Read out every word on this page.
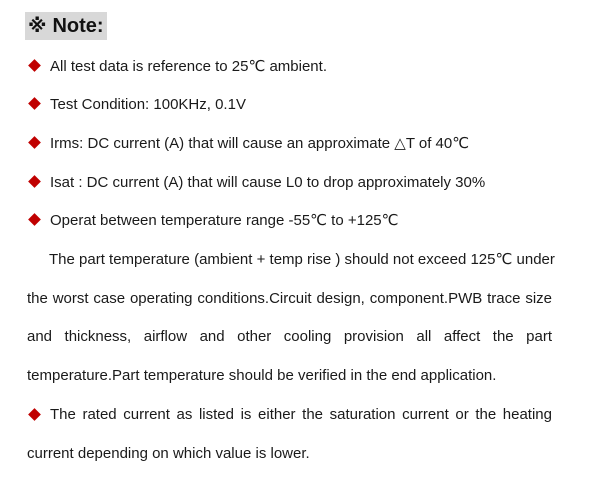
※ Note:
All test data is reference to 25℃ ambient.
Test Condition: 100KHz, 0.1V
Irms: DC current (A) that will cause an approximate △T of 40℃
Isat : DC current (A) that will cause L0 to drop approximately 30%
Operat between temperature range -55℃ to +125℃
The part temperature (ambient + temp rise ) should not exceed 125℃ under
the worst case operating conditions.Circuit design, component.PWB trace size
and thickness, airflow and other cooling provision all affect the part
temperature.Part temperature should be verified in the end application.
The rated current as listed is either the saturation current or the heating
current depending on which value is lower.
